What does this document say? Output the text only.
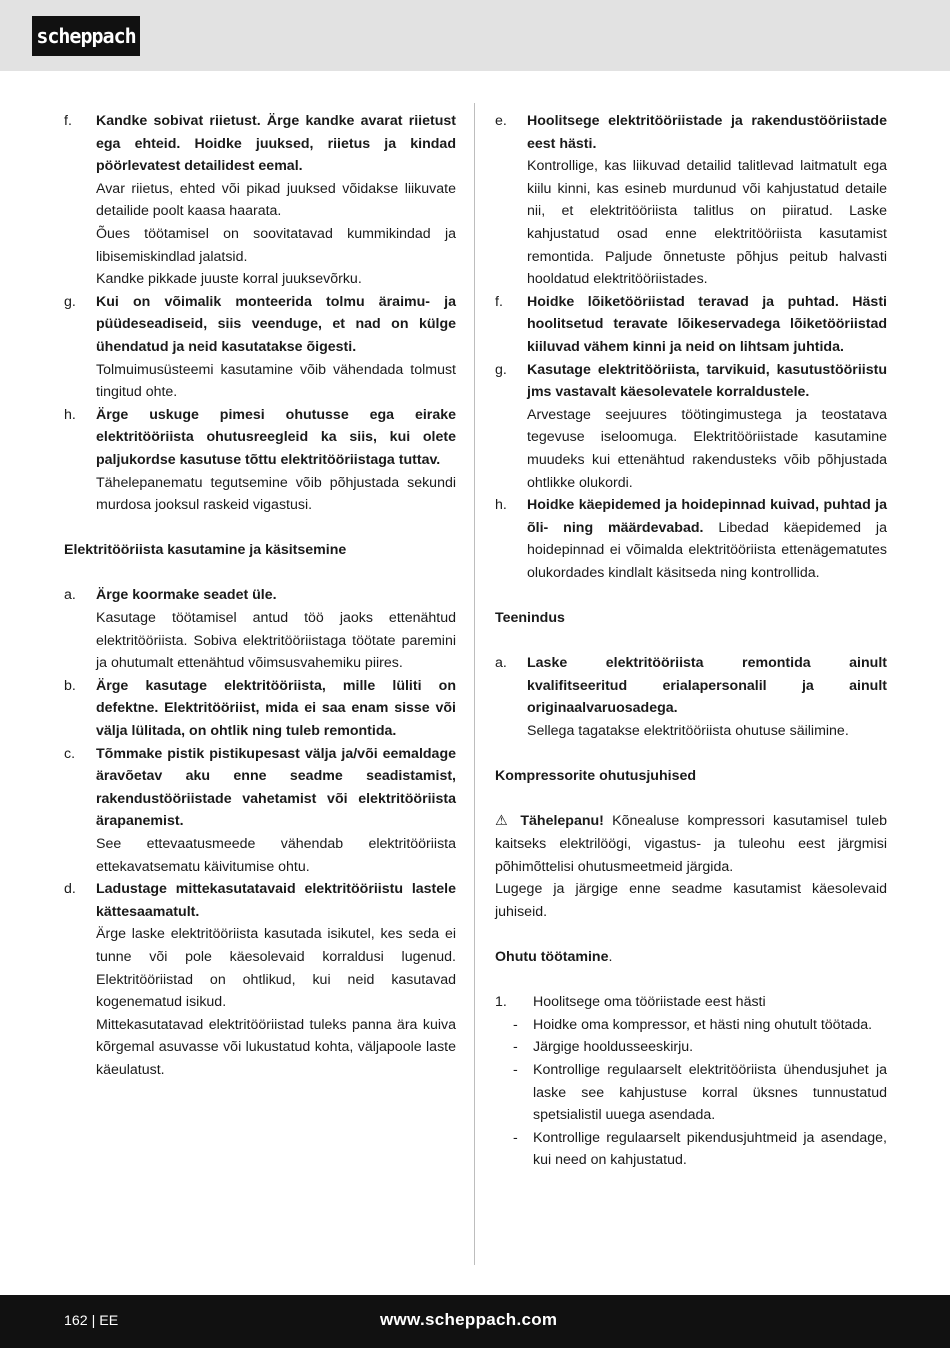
scheppach
f. Kandke sobivat riietust. Ärge kandke avarat riietust ega ehteid. Hoidke juuksed, riietus ja kindad pöörlevatest detailidest eemal.
Avar riietus, ehted või pikad juuksed võidakse liikuvate detailide poolt kaasa haarata.
Õues töötamisel on soovitatavad kummikindad ja libisemiskindlad jalatsid.
Kandke pikkade juuste korral juuksevõrku.
g. Kui on võimalik monteerida tolmu äraimu- ja püüdeseadiseid, siis veenduge, et nad on külge ühendatud ja neid kasutatakse õigesti.
Tolmuimusüsteemi kasutamine võib vähendada tolmust tingitud ohte.
h. Ärge uskuge pimesi ohutusse ega eirake elektritööriista ohutusreegleid ka siis, kui olete paljukordse kasutuse tõttu elektritööriistaga tuttav.
Tähelepanematu tegutsemine võib põhjustada sekundi murdosa jooksul raskeid vigastusi.

Elektritööriista kasutamine ja käsitsemine

a. Ärge koormake seadet üle.
Kasutage töötamisel antud töö jaoks ettenähtud elektritööriista. Sobiva elektritööriistaga töötate paremini ja ohutumalt ettenähtud võimsusvahemiku piires.
b. Ärge kasutage elektritööriista, mille lüliti on defektne. Elektritööriist, mida ei saa enam sisse või välja lülitada, on ohtlik ning tuleb remontida.
c. Tõmmake pistik pistikupesast välja ja/või eemaldage äravõetav aku enne seadme seadistamist, rakendustööriistade vahetamist või elektritööriista ärapanemist.
See ettevaatusmeede vähendab elektritööriista ettekavatsematu käivitumise ohtu.
d. Ladustage mittekasutatavaid elektritööriistu lastele kättesaamatult.
Ärge laske elektritööriista kasutada isikutel, kes seda ei tunne või pole käesolevaid korraldusi lugenud. Elektritööriistad on ohtlikud, kui neid kasutavad kogenematud isikud.
Mittekasutatavad elektritööriistad tuleks panna ära kuiva kõrgemal asuvasse või lukustatud kohta, väljapoole laste käeulatust.
e. Hoolitsege elektritööriistade ja rakendustööriistade eest hästi.
Kontrollige, kas liikuvad detailid talitlevad laitmatult ega kiilu kinni, kas esineb murdunud või kahjustatud detaile nii, et elektritööriista talitlus on piiratud. Laske kahjustatud osad enne elektritööriista kasutamist remontida. Paljude õnnetuste põhjus peitub halvasti hooldatud elektritööriistades.
f. Hoidke lõiketööriistad teravad ja puhtad. Hästi hoolitsetud teravate lõikeservadega lõiketööriistad kiiluvad vähem kinni ja neid on lihtsam juhtida.
g. Kasutage elektritööriista, tarvikuid, kasutustööriistu jms vastavalt käesolevatele korraldustele.
Arvestage seejuures töötingimustega ja teostatava tegevuse iseloomuga. Elektritööriistade kasutamine muudeks kui ettenähtud rakendusteks võib põhjustada ohtlikke olukordi.
h. Hoidke käepidemed ja hoidepinnad kuivad, puhtad ja õli- ning määrdevabad. Libedad käepidemed ja hoidepinnad ei võimalda elektritööriista ettenägematutes olukordades kindlalt käsitseda ning kontrollida.

Teenindus

a. Laske elektritööriista remontida ainult kvalifitseeritud erialapersonalil ja ainult originaalvaruosadega.
Sellega tagatakse elektritööriista ohutuse säilimine.

Kompressorite ohutusjuhised

⚠ Tähelepanu! Kõnealuse kompressori kasutamisel tuleb kaitseks elektrilöögi, vigastus- ja tuleohu eest järgmisi põhimõttelisi ohutusmeetmeid järgida.

Lugege ja järgige enne seadme kasutamist käesolevaid juhiseid.

Ohutu töötamine.

1. Hoolitsege oma tööriistade eest hästi
- Hoidke oma kompressor, et hästi ning ohutult töötada.
- Järgige hooldusseeskirju.
- Kontrollige regulaarselt elektritööriista ühendusjuhet ja laske see kahjustuse korral üksnes tunnustatud spetsialistil uuega asendada.
- Kontrollige regulaarselt pikendusjuhtmeid ja asendage, kui need on kahjustatud.
162 | EE	www.scheppach.com
